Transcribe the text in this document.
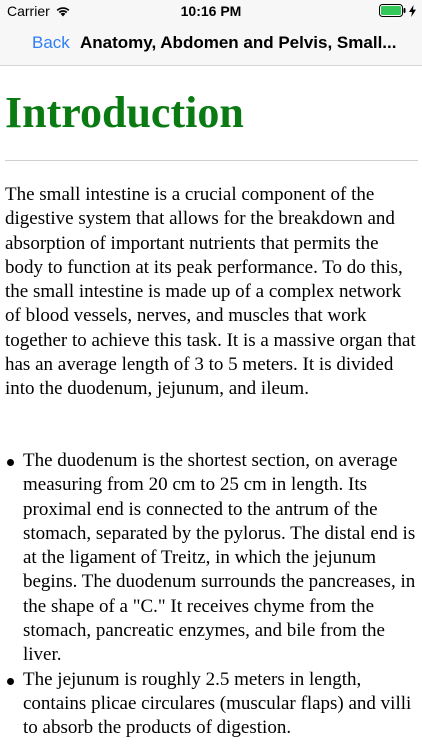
Carrier	10:16 PM
Back Anatomy, Abdomen and Pelvis, Small...
Introduction

The small intestine is a crucial component of the digestive system that allows for the breakdown and absorption of important nutrients that permits the body to function at its peak performance. To do this, the small intestine is made up of a complex network of blood vessels, nerves, and muscles that work together to achieve this task. It is a massive organ that has an average length of 3 to 5 meters. It is divided into the duodenum, jejunum, and ileum.

The duodenum is the shortest section, on average measuring from 20 cm to 25 cm in length. Its proximal end is connected to the antrum of the stomach, separated by the pylorus. The distal end is at the ligament of Treitz, in which the jejunum begins. The duodenum surrounds the pancreases, in the shape of a "C." It receives chyme from the stomach, pancreatic enzymes, and bile from the liver.
The jejunum is roughly 2.5 meters in length, contains plicae circulares (muscular flaps) and villi to absorb the products of digestion.
